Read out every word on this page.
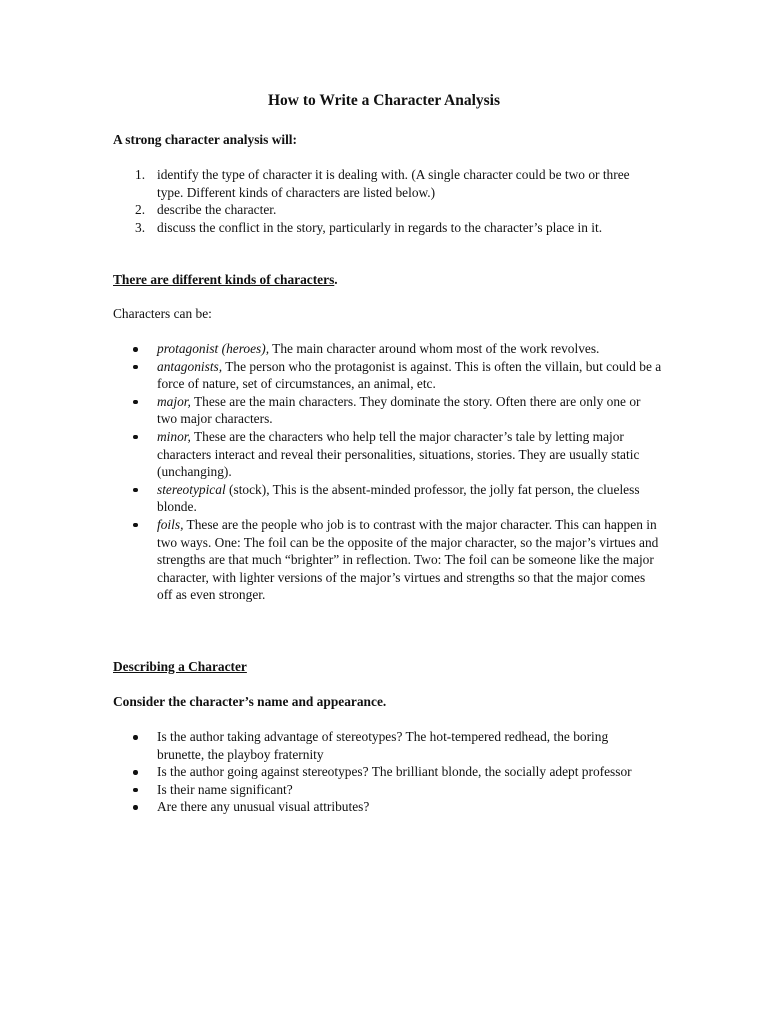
How to Write a Character Analysis
A strong character analysis will:
1. identify the type of character it is dealing with. (A single character could be two or three type. Different kinds of characters are listed below.)
2. describe the character.
3. discuss the conflict in the story, particularly in regards to the character’s place in it.
There are different kinds of characters.
Characters can be:
protagonist (heroes), The main character around whom most of the work revolves.
antagonists, The person who the protagonist is against. This is often the villain, but could be a force of nature, set of circumstances, an animal, etc.
major, These are the main characters. They dominate the story. Often there are only one or two major characters.
minor, These are the characters who help tell the major character’s tale by letting major characters interact and reveal their personalities, situations, stories. They are usually static (unchanging).
stereotypical (stock), This is the absent-minded professor, the jolly fat person, the clueless blonde.
foils, These are the people who job is to contrast with the major character. This can happen in two ways. One: The foil can be the opposite of the major character, so the major’s virtues and strengths are that much “brighter” in reflection. Two: The foil can be someone like the major character, with lighter versions of the major’s virtues and strengths so that the major comes off as even stronger.
Describing a Character
Consider the character’s name and appearance.
Is the author taking advantage of stereotypes? The hot-tempered redhead, the boring brunette, the playboy fraternity
Is the author going against stereotypes? The brilliant blonde, the socially adept professor
Is their name significant?
Are there any unusual visual attributes?
